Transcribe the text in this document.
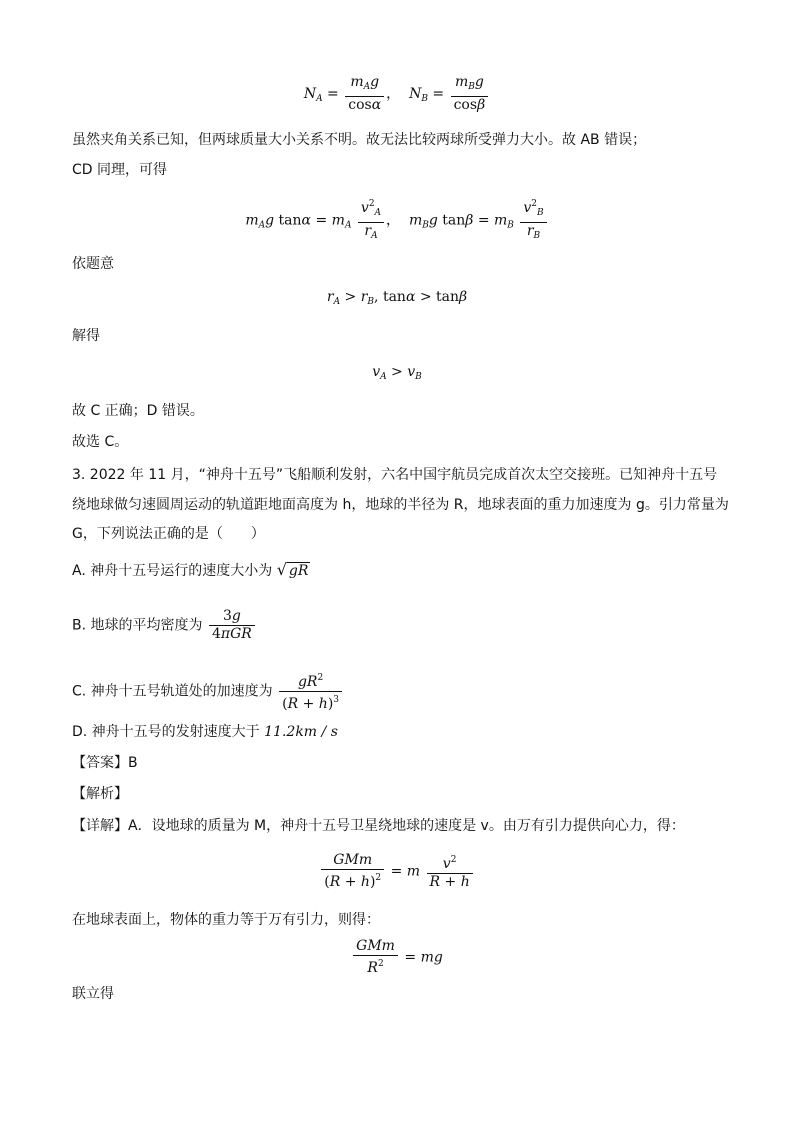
$N_A = \frac{m_Ag}{\cos\alpha}$ ，  $N_B = \frac{m_Bg}{\cos\beta}$
虽然夹角关系已知，但两球质量大小关系不明。故无法比较两球所受弹力大小。故 AB 错误；
CD 同理，可得
$m_Ag$ $\tan\alpha = m_A \frac{v^2_A}{r_A}$ ，  $m_Bg$ $\tan\beta = m_B \frac{v^2_B}{r_B}$
依题意
$r_A > r_B$, tanα > tanβ
解得
$v_A > v_B$
故 C 正确；D 错误。
故选 C。
3. 2022 年 11 月，“神舟十五号”飞船顺利发射，六名中国宇航员完成首次太空交接班。已知神舟十五号
绕地球做匀速圆周运动的轨道距地面高度为 h，地球的半径为 R，地球表面的重力加速度为 g。引力常量为
G，下列说法正确的是（　　）
A. 神舟十五号运行的速度大小为 √ gR
B. 地球的平均密度为 $\frac{3g}{\text{4πGR}}$
C. 神舟十五号轨道处的加速度为 $\frac{gR^2}{(R + h)^3}$
D. 神舟十五号的发射速度大于 11.2km / s
【答案】B
【解析】
【详解】A．设地球的质量为 M，神舟十五号卫星绕地球的速度是 v。由万有引力提供向心力，得：
$\frac{\text{GMm}}{(R + h)^2} = m \frac{v^2}{R + h}$
在地球表面上，物体的重力等于万有引力，则得：
$\frac{\text{GMm}}{R^2}$ = mg
联立得
